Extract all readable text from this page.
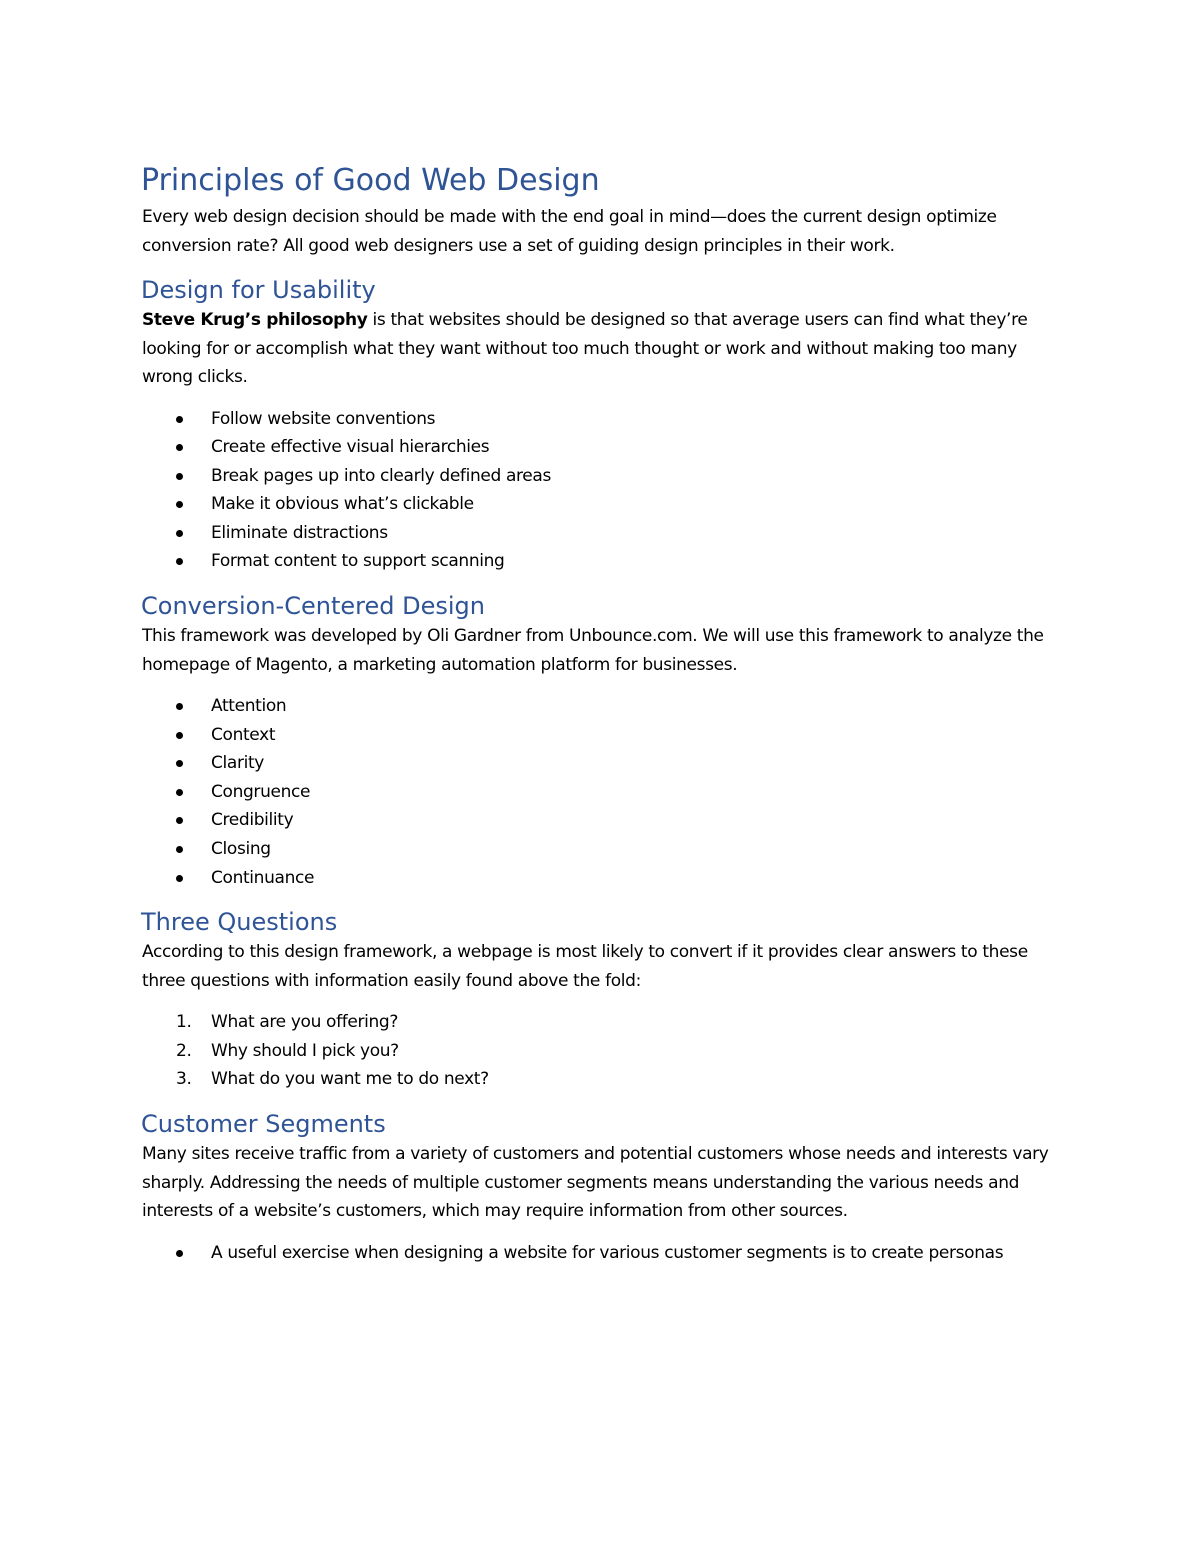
Principles of Good Web Design

Every web design decision should be made with the end goal in mind—does the current design optimize conversion rate? All good web designers use a set of guiding design principles in their work.

Design for Usability

Steve Krug’s philosophy is that websites should be designed so that average users can find what they’re looking for or accomplish what they want without too much thought or work and without making too many wrong clicks.

Follow website conventions
Create effective visual hierarchies
Break pages up into clearly defined areas
Make it obvious what’s clickable
Eliminate distractions
Format content to support scanning
Conversion-Centered Design

This framework was developed by Oli Gardner from Unbounce.com. We will use this framework to analyze the homepage of Magento, a marketing automation platform for businesses.

Attention
Context
Clarity
Congruence
Credibility
Closing
Continuance
Three Questions

According to this design framework, a webpage is most likely to convert if it provides clear answers to these three questions with information easily found above the fold:

1. What are you offering?
2. Why should I pick you?
3. What do you want me to do next?
Customer Segments

Many sites receive traffic from a variety of customers and potential customers whose needs and interests vary sharply. Addressing the needs of multiple customer segments means understanding the various needs and interests of a website’s customers, which may require information from other sources.

A useful exercise when designing a website for various customer segments is to create personas
